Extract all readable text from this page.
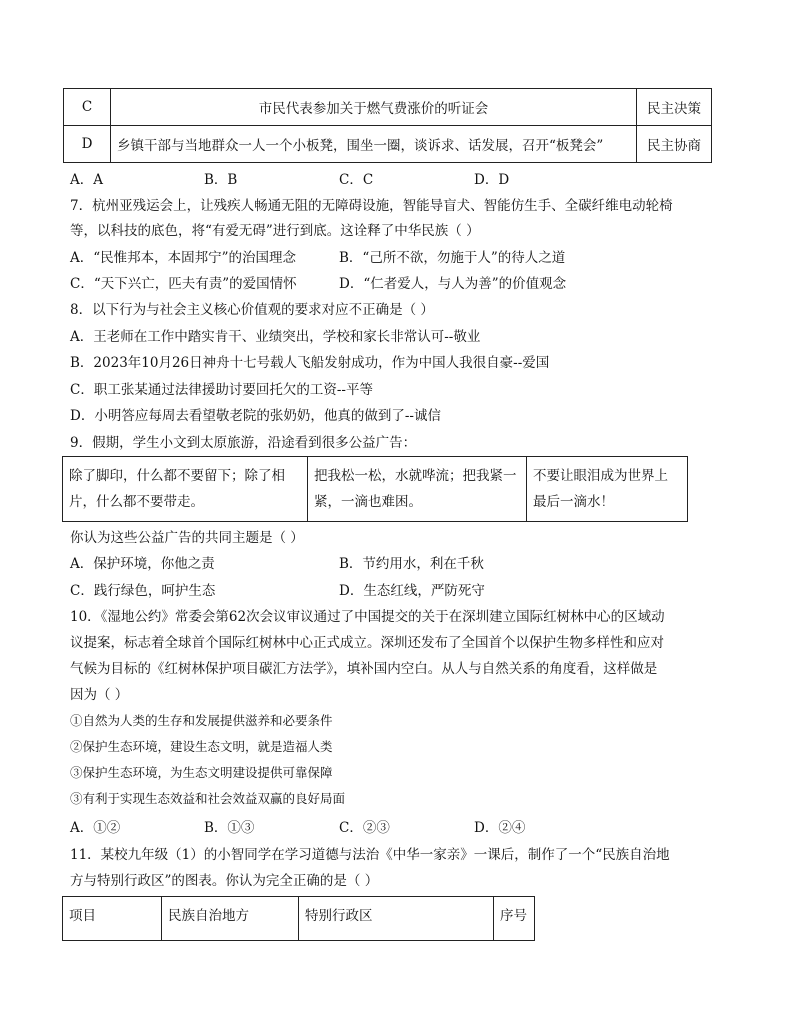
C	市民代表参加关于燃气费涨价的听证会	民主决策
D	乡镇干部与当地群众一人一个小板凳，围坐一圈，谈诉求、话发展，召开“板凳会”	民主协商
A．A	B．B	C．C	D．D
7．杭州亚残运会上，让残疾人畅通无阻的无障碍设施，智能导盲犬、智能仿生手、全碳纤维电动轮椅
等，以科技的底色，将“有爱无碍”进行到底。这诠释了中华民族（ ）
A．“民惟邦本，本固邦宁”的治国理念	B．“己所不欲，勿施于人”的待人之道
C．“天下兴亡，匹夫有责”的爱国情怀	D．“仁者爱人，与人为善”的价值观念
8．以下行为与社会主义核心价值观的要求对应不正确是（ ）
A．王老师在工作中踏实肯干、业绩突出，学校和家长非常认可--敬业
B．2023年10月26日神舟十七号载人飞船发射成功，作为中国人我很自豪--爱国
C．职工张某通过法律援助讨要回托欠的工资--平等
D．小明答应每周去看望敬老院的张奶奶，他真的做到了--诚信
9．假期，学生小文到太原旅游，沿途看到很多公益广告：
除了脚印，什么都不要留下；除了相片，什么都不要带走。	把我松一松，水就哗流；把我紧一紧，一滴也难困。	不要让眼泪成为世界上最后一滴水！
你认为这些公益广告的共同主题是（ ）
A．保护环境，你他之责	B．节约用水，利在千秋
C．践行绿色，呵护生态	D．生态红线，严防死守
10．《湿地公约》常委会第62次会议审议通过了中国提交的关于在深圳建立国际红树林中心的区域动
议提案，标志着全球首个国际红树林中心正式成立。深圳还发布了全国首个以保护生物多样性和应对
气候为目标的《红树林保护项目碳汇方法学》，填补国内空白。从人与自然关系的角度看，这样做是
因为（ ）
①自然为人类的生存和发展提供滋养和必要条件
②保护生态环境，建设生态文明，就是造福人类
③保护生态环境，为生态文明建设提供可靠保障
③有利于实现生态效益和社会效益双赢的良好局面
A．①②	B．①③	C．②③	D．②④
11．某校九年级（1）的小智同学在学习道德与法治《中华一家亲》一课后，制作了一个“民族自治地
方与特别行政区”的图表。你认为完全正确的是（ ）
项目	民族自治地方	特别行政区	序号
